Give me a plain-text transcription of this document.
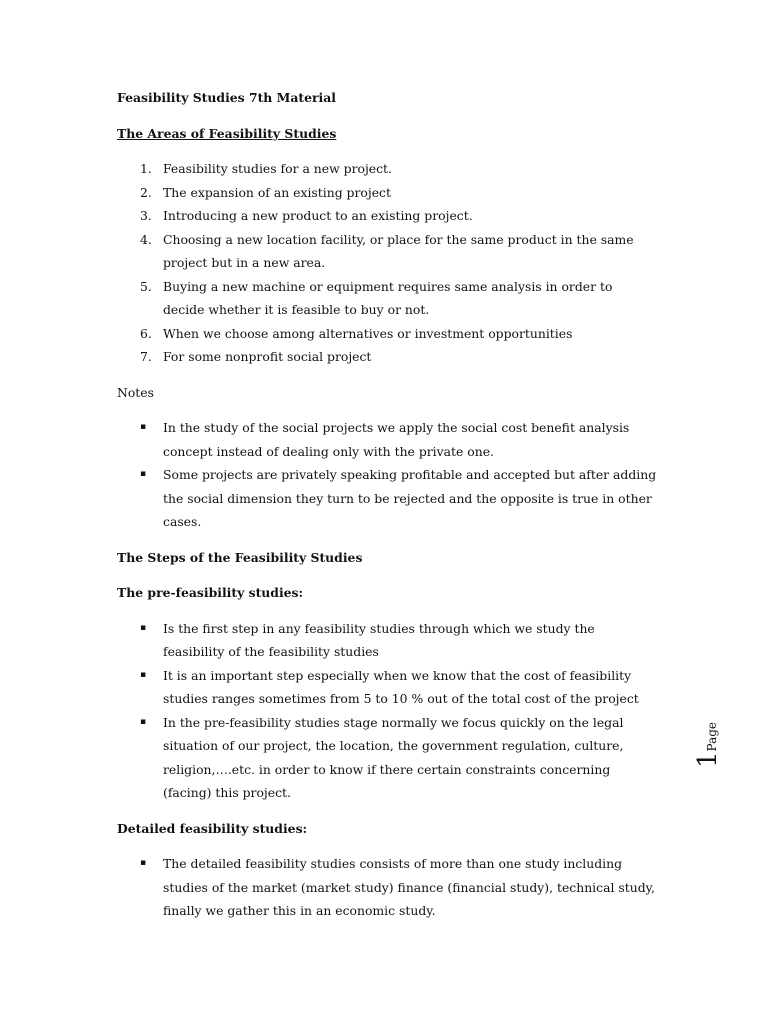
Feasibility Studies 7th Material

The Areas of Feasibility Studies

1. Feasibility studies for a new project.
2. The expansion of an existing project
3. Introducing a new product to an existing project.
4. Choosing a new location facility, or place for the same product in the same project but in a new area.
5. Buying a new machine or equipment requires same analysis in order to decide whether it is feasible to buy or not.
6. When we choose among alternatives or investment opportunities
7. For some nonprofit social project

Notes

▪ In the study of the social projects we apply the social cost benefit analysis concept instead of dealing only with the private one.
▪ Some projects are privately speaking profitable and accepted but after adding the social dimension they turn to be rejected and the opposite is true in other cases.

The Steps of the Feasibility Studies

The pre-feasibility studies:

▪ Is the first step in any feasibility studies through which we study the feasibility of the feasibility studies
▪ It is an important step especially when we know that the cost of feasibility studies ranges sometimes from 5 to 10 % out of the total cost of the project
▪ In the pre-feasibility studies stage normally we focus quickly on the legal situation of our project, the location, the government regulation, culture, religion,….etc. in order to know if there certain constraints concerning (facing) this project.

Detailed feasibility studies:

▪ The detailed feasibility studies consists of more than one study including studies of the market (market study) finance (financial study), technical study, finally we gather this in an economic study.
1Page
